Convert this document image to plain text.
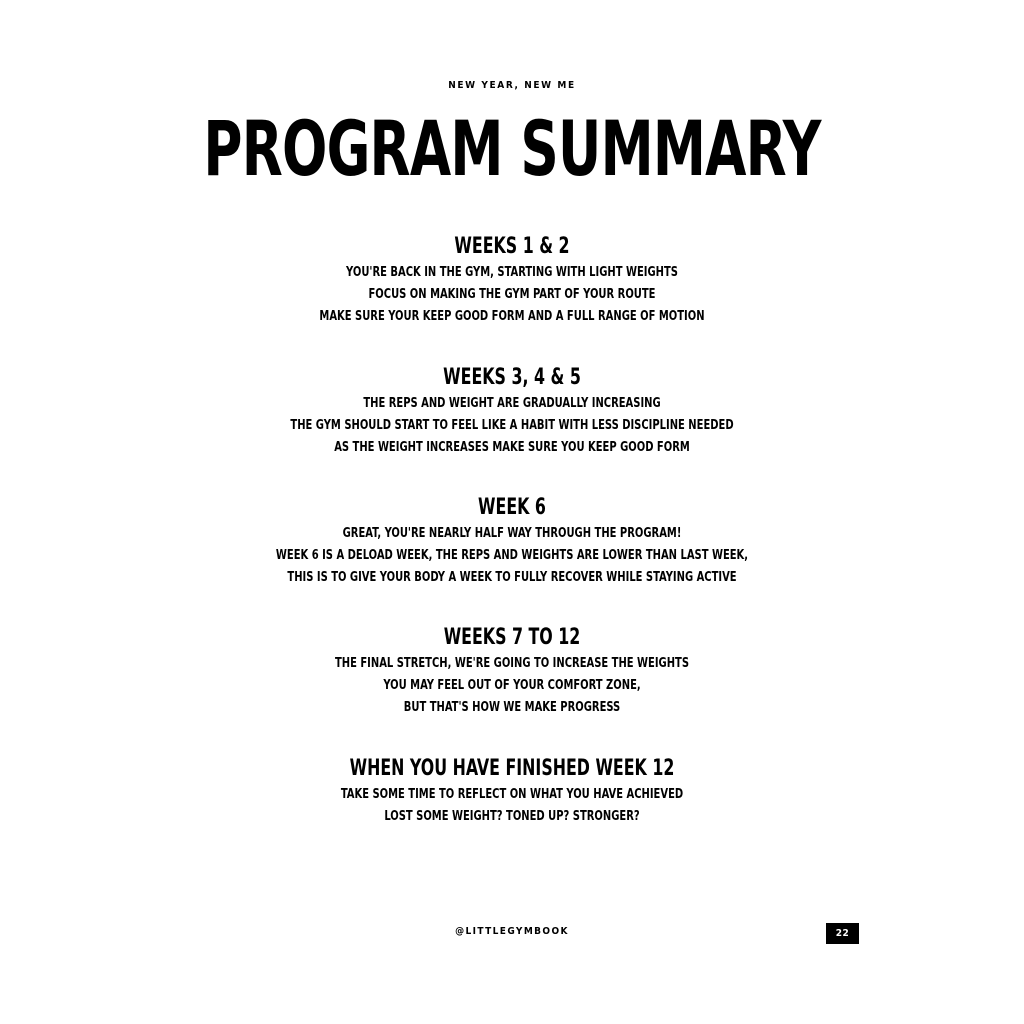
NEW YEAR, NEW ME
PROGRAM SUMMARY
WEEKS 1 & 2
YOU'RE BACK IN THE GYM, STARTING WITH LIGHT WEIGHTS
FOCUS ON MAKING THE GYM PART OF YOUR ROUTE
MAKE SURE YOUR KEEP GOOD FORM AND A FULL RANGE OF MOTION
WEEKS 3, 4 & 5
THE REPS AND WEIGHT ARE GRADUALLY INCREASING
THE GYM SHOULD START TO FEEL LIKE A HABIT WITH LESS DISCIPLINE NEEDED
AS THE WEIGHT INCREASES MAKE SURE YOU KEEP GOOD FORM
WEEK 6
GREAT, YOU'RE NEARLY HALF WAY THROUGH THE PROGRAM!
WEEK 6 IS A DELOAD WEEK, THE REPS AND WEIGHTS ARE LOWER THAN LAST WEEK,
THIS IS TO GIVE YOUR BODY A WEEK TO FULLY RECOVER WHILE STAYING ACTIVE
WEEKS 7 TO 12
THE FINAL STRETCH, WE'RE GOING TO INCREASE THE WEIGHTS
YOU MAY FEEL OUT OF YOUR COMFORT ZONE,
BUT THAT'S HOW WE MAKE PROGRESS
WHEN YOU HAVE FINISHED WEEK 12
TAKE SOME TIME TO REFLECT ON WHAT YOU HAVE ACHIEVED
LOST SOME WEIGHT? TONED UP? STRONGER?
@LITTLEGYMBOOK	22
